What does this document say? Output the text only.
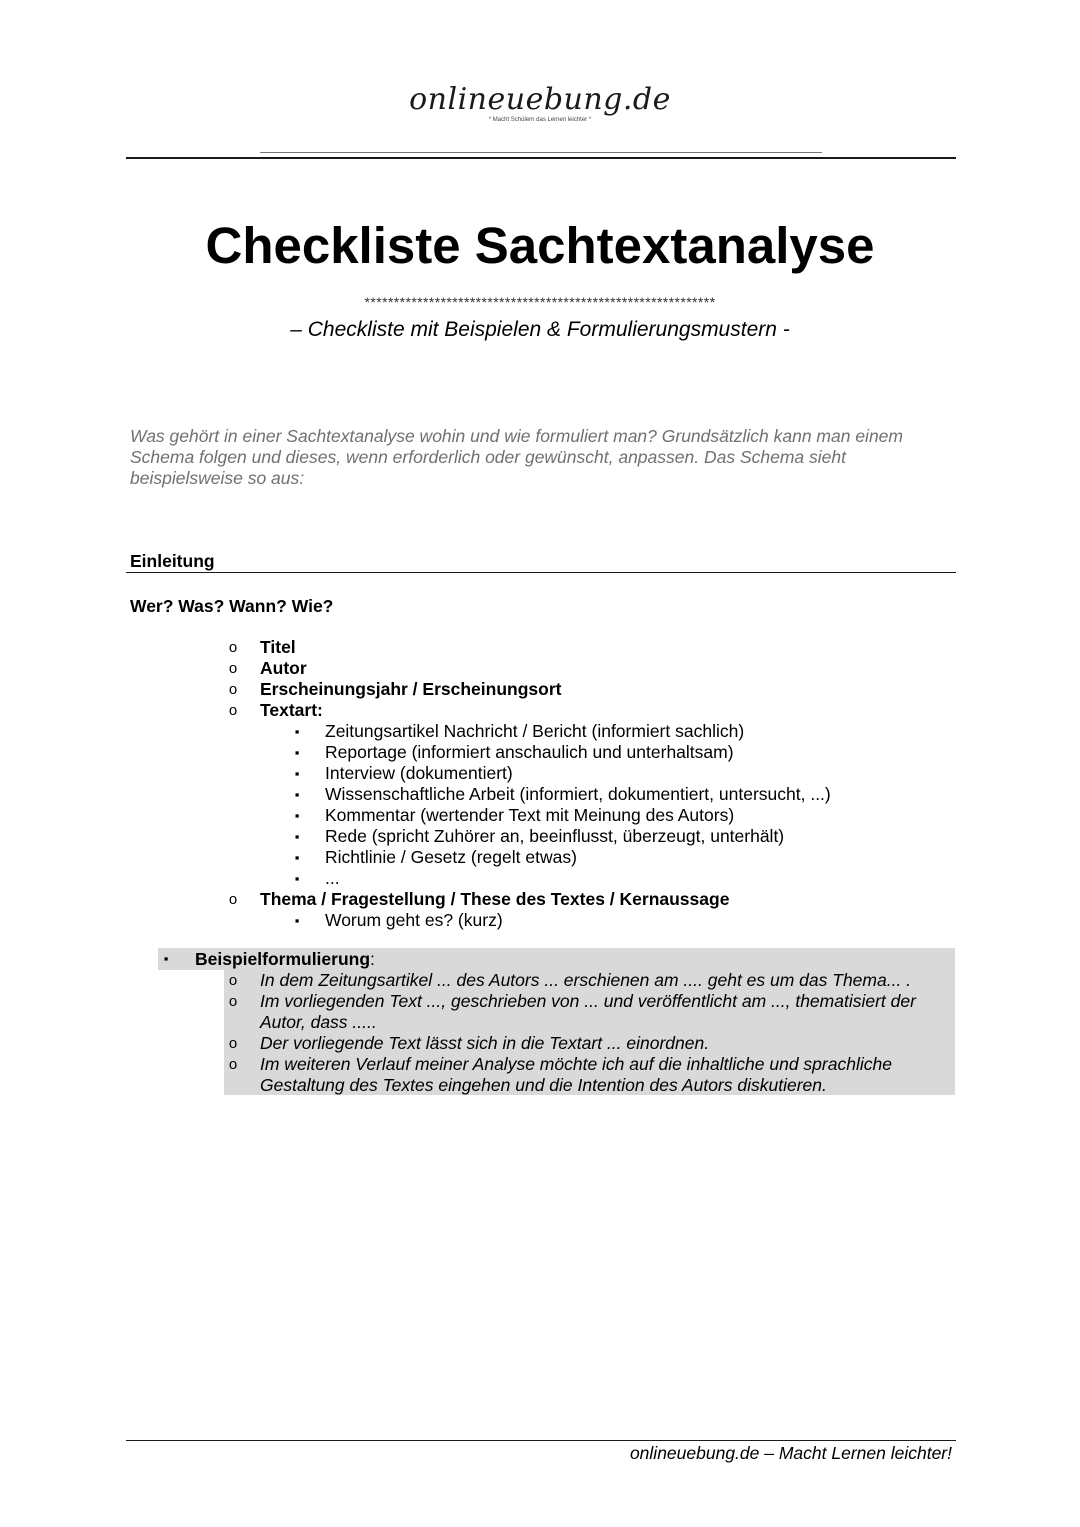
onlineuebung.de
* Macht Schülern das Lernen leichter *
Checkliste Sachtextanalyse
************************************************************
– Checkliste mit Beispielen & Formulierungsmustern -

Was gehört in einer Sachtextanalyse wohin und wie formuliert man? Grundsätzlich kann man einem Schema folgen und dieses, wenn erforderlich oder gewünscht, anpassen. Das Schema sieht beispielsweise so aus:

Einleitung
Wer? Was? Wann? Wie?
o Titel
o Autor
o Erscheinungsjahr / Erscheinungsort
o Textart:
▪ Zeitungsartikel Nachricht / Bericht (informiert sachlich)
▪ Reportage (informiert anschaulich und unterhaltsam)
▪ Interview (dokumentiert)
▪ Wissenschaftliche Arbeit (informiert, dokumentiert, untersucht, ...)
▪ Kommentar (wertender Text mit Meinung des Autors)
▪ Rede (spricht Zuhörer an, beeinflusst, überzeugt, unterhält)
▪ Richtlinie / Gesetz (regelt etwas)
▪ ...
o Thema / Fragestellung / These des Textes / Kernaussage
▪ Worum geht es? (kurz)
▪ Beispielformulierung:
o In dem Zeitungsartikel ... des Autors ... erschienen am .... geht es um das Thema... .
o Im vorliegenden Text ..., geschrieben von ... und veröffentlicht am ..., thematisiert der Autor, dass .....
o Der vorliegende Text lässt sich in die Textart ... einordnen.
o Im weiteren Verlauf meiner Analyse möchte ich auf die inhaltliche und sprachliche Gestaltung des Textes eingehen und die Intention des Autors diskutieren.
onlineuebung.de – Macht Lernen leichter!
